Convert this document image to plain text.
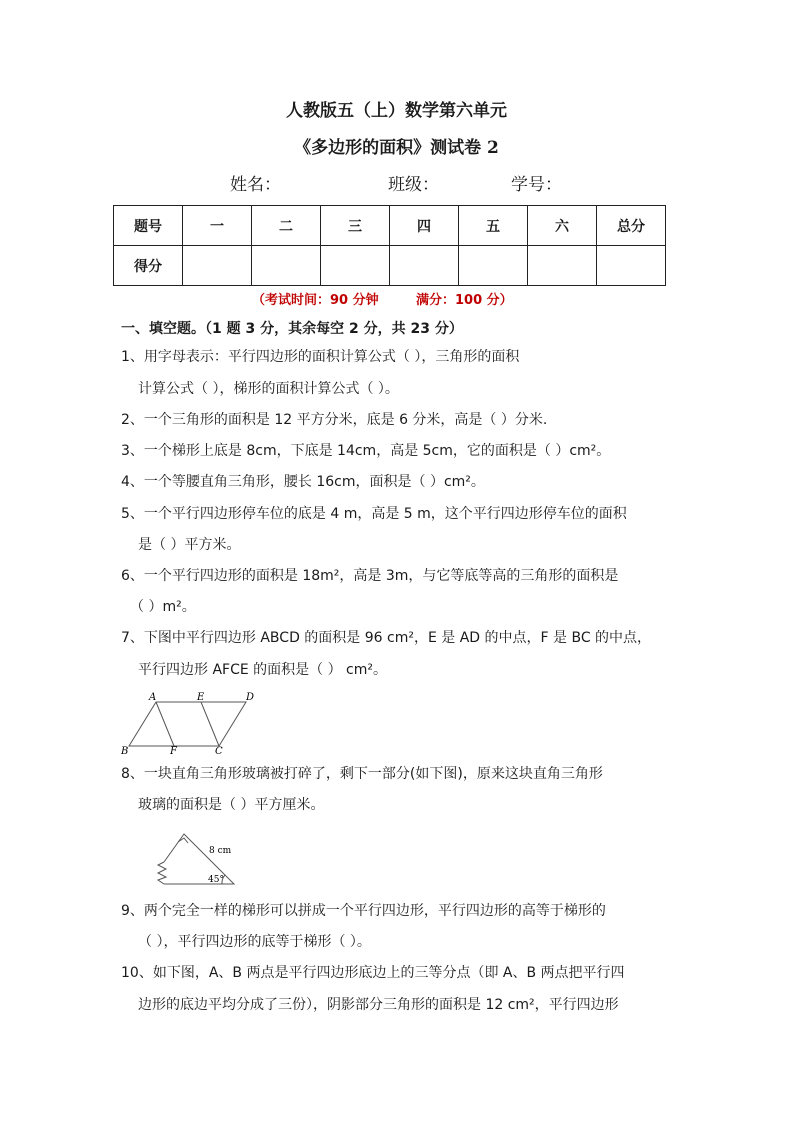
人教版五（上）数学第六单元
《多边形的面积》测试卷 2
姓名：	班级：	学号：
题号	一	二	三	四	五	六	总分
得分							
（考试时间：90 分钟	满分：100 分）
一、填空题。（1 题 3 分，其余每空 2 分，共 23 分）
1、用字母表示：平行四边形的面积计算公式（ ），三角形的面积
计算公式（ ），梯形的面积计算公式（ ）。
2、一个三角形的面积是 12 平方分米，底是 6 分米，高是（ ）分米.
3、一个梯形上底是 8cm，下底是 14cm，高是 5cm，它的面积是（ ）cm²。
4、一个等腰直角三角形，腰长 16cm，面积是（ ）cm²。
5、一个平行四边形停车位的底是 4 m，高是 5 m，这个平行四边形停车位的面积
是（ ）平方米。
6、一个平行四边形的面积是 18m²，高是 3m，与它等底等高的三角形的面积是
（ ）m²。
7、下图中平行四边形 ABCD 的面积是 96 cm²，E 是 AD 的中点，F 是 BC 的中点，
平行四边形 AFCE 的面积是（ ） cm²。
A	E	D
B	F	C
8、一块直角三角形玻璃被打碎了，剩下一部分(如下图)，原来这块直角三角形
玻璃的面积是（ ）平方厘米。
8 cm
45°
9、两个完全一样的梯形可以拼成一个平行四边形，平行四边形的高等于梯形的
（ ），平行四边形的底等于梯形（ ）。
10、如下图，A、B 两点是平行四边形底边上的三等分点（即 A、B 两点把平行四
边形的底边平均分成了三份），阴影部分三角形的面积是 12 cm²，平行四边形
